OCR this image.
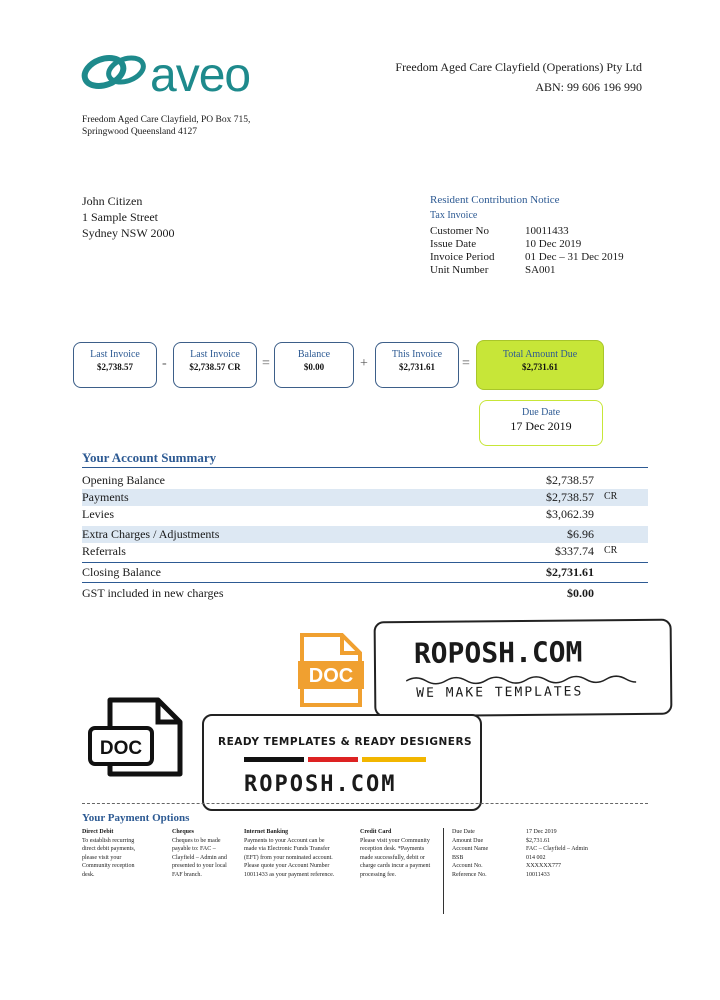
aveo	Freedom Aged Care Clayfield (Operations) Pty Ltd
ABN: 99 606 196 990
Freedom Aged Care Clayfield, PO Box 715,
Springwood Queensland 4127
John Citizen
1 Sample Street
Sydney NSW 2000
Resident Contribution Notice
Tax Invoice
Customer No	10011433
Issue Date	10 Dec 2019
Invoice Period	01 Dec – 31 Dec 2019
Unit Number	SA001
Last Invoice
$2,738.57	-
Last Invoice
$2,738.57 CR	=
Balance
$0.00	+
This Invoice
$2,731.61	=
Total Amount Due
$2,731.61
Due Date
17 Dec 2019
Your Account Summary
Opening Balance	$2,738.57
Payments	$2,738.57 CR
Levies	$3,062.39
Extra Charges / Adjustments	$6.96
Referrals	$337.74 CR
Closing Balance	$2,731.61
GST included in new charges	$0.00
DOC
ROPOSH.COM
WE MAKE TEMPLATES
DOC	READY TEMPLATES & READY DESIGNERS
ROPOSH.COM
Your Payment Options
Direct Debit
To establish recurring direct debit payments, please visit your Community reception desk.
Cheques
Cheques to be made payable to: FAC – Clayfield – Admin and presented to your local FAF branch.
Internet Banking
Payments to your Account can be made via Electronic Funds Transfer (EFT) from your nominated account. Please quote your Account Number 10011433 as your payment reference.
Credit Card
Please visit your Community reception desk. *Payments made successfully, debit or charge cards incur a payment processing fee.
Due Date	17 Dec 2019
Amount Due	$2,731.61
Account Name	FAC – Clayfield – Admin
BSB	014 002
Account No.	XXXXXX777
Reference No.	10011433
